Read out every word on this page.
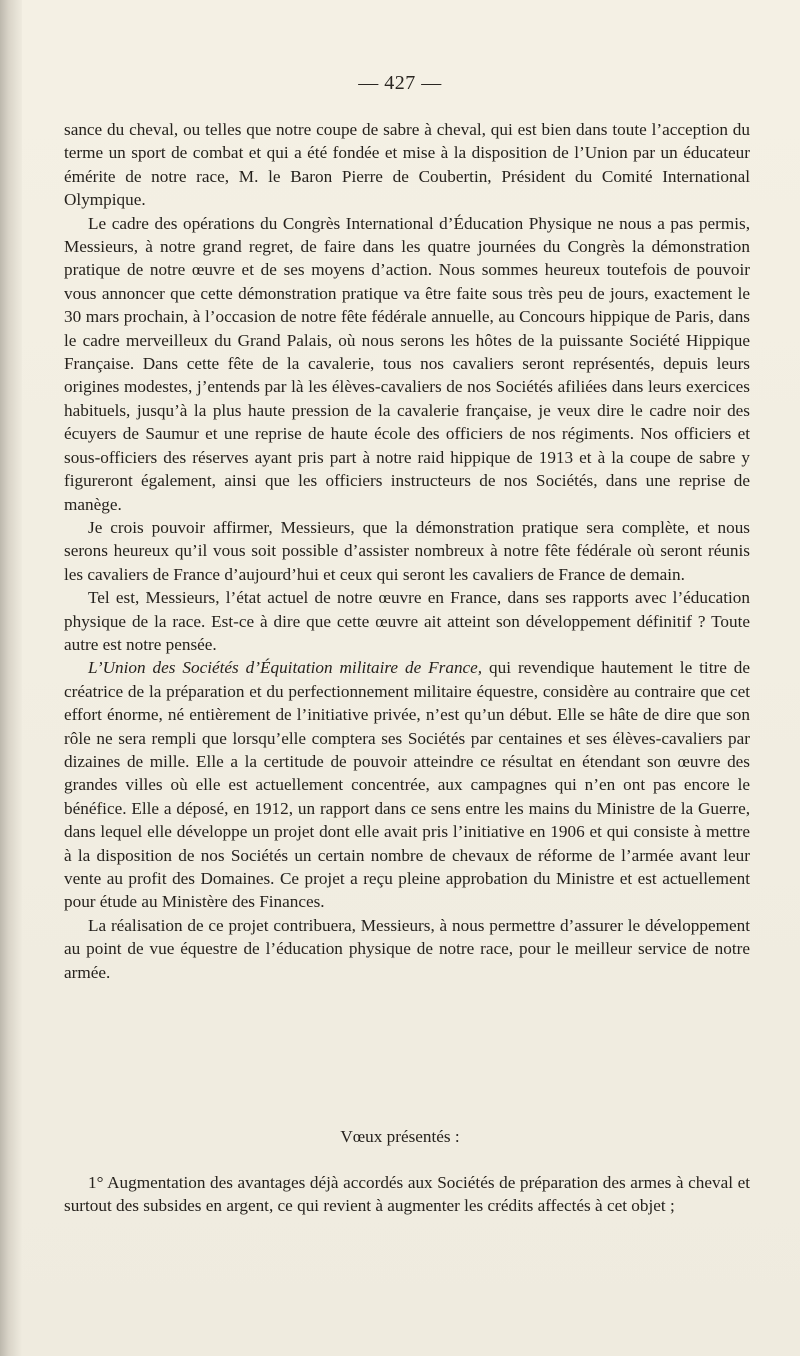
— 427 —

sance du cheval, ou telles que notre coupe de sabre à cheval, qui est bien dans toute l’acception du terme un sport de combat et qui a été fondée et mise à la disposition de l’Union par un éducateur émérite de notre race, M. le Baron Pierre de Coubertin, Président du Comité International Olympique.

Le cadre des opérations du Congrès International d’Éducation Physique ne nous a pas permis, Messieurs, à notre grand regret, de faire dans les quatre journées du Congrès la démonstration pratique de notre œuvre et de ses moyens d’action. Nous sommes heureux toutefois de pouvoir vous annoncer que cette démonstration pratique va être faite sous très peu de jours, exactement le 30 mars prochain, à l’occasion de notre fête fédérale annuelle, au Concours hippique de Paris, dans le cadre merveilleux du Grand Palais, où nous serons les hôtes de la puissante Société Hippique Française. Dans cette fête de la cavalerie, tous nos cavaliers seront représentés, depuis leurs origines modestes, j’entends par là les élèves-cavaliers de nos Sociétés afiliées dans leurs exercices habituels, jusqu’à la plus haute pression de la cavalerie française, je veux dire le cadre noir des écuyers de Saumur et une reprise de haute école des officiers de nos régiments. Nos officiers et sous-officiers des réserves ayant pris part à notre raid hippique de 1913 et à la coupe de sabre y figureront également, ainsi que les officiers instructeurs de nos Sociétés, dans une reprise de manège.

Je crois pouvoir affirmer, Messieurs, que la démonstration pratique sera complète, et nous serons heureux qu’il vous soit possible d’assister nombreux à notre fête fédérale où seront réunis les cavaliers de France d’aujourd’hui et ceux qui seront les cavaliers de France de demain.

Tel est, Messieurs, l’état actuel de notre œuvre en France, dans ses rapports avec l’éducation physique de la race. Est-ce à dire que cette œuvre ait atteint son développement définitif ? Toute autre est notre pensée.

L’Union des Sociétés d’Équitation militaire de France, qui revendique hautement le titre de créatrice de la préparation et du perfectionnement militaire équestre, considère au contraire que cet effort énorme, né entièrement de l’initiative privée, n’est qu’un début. Elle se hâte de dire que son rôle ne sera rempli que lorsqu’elle comptera ses Sociétés par centaines et ses élèves-cavaliers par dizaines de mille. Elle a la certitude de pouvoir atteindre ce résultat en étendant son œuvre des grandes villes où elle est actuellement concentrée, aux campagnes qui n’en ont pas encore le bénéfice. Elle a déposé, en 1912, un rapport dans ce sens entre les mains du Ministre de la Guerre, dans lequel elle développe un projet dont elle avait pris l’initiative en 1906 et qui consiste à mettre à la disposition de nos Sociétés un certain nombre de chevaux de réforme de l’armée avant leur vente au profit des Domaines. Ce projet a reçu pleine approbation du Ministre et est actuellement pour étude au Ministère des Finances.

La réalisation de ce projet contribuera, Messieurs, à nous permettre d’assurer le développement au point de vue équestre de l’éducation physique de notre race, pour le meilleur service de notre armée.

Vœux présentés :

1° Augmentation des avantages déjà accordés aux Sociétés de préparation des armes à cheval et surtout des subsides en argent, ce qui revient à augmenter les crédits affectés à cet objet ;
